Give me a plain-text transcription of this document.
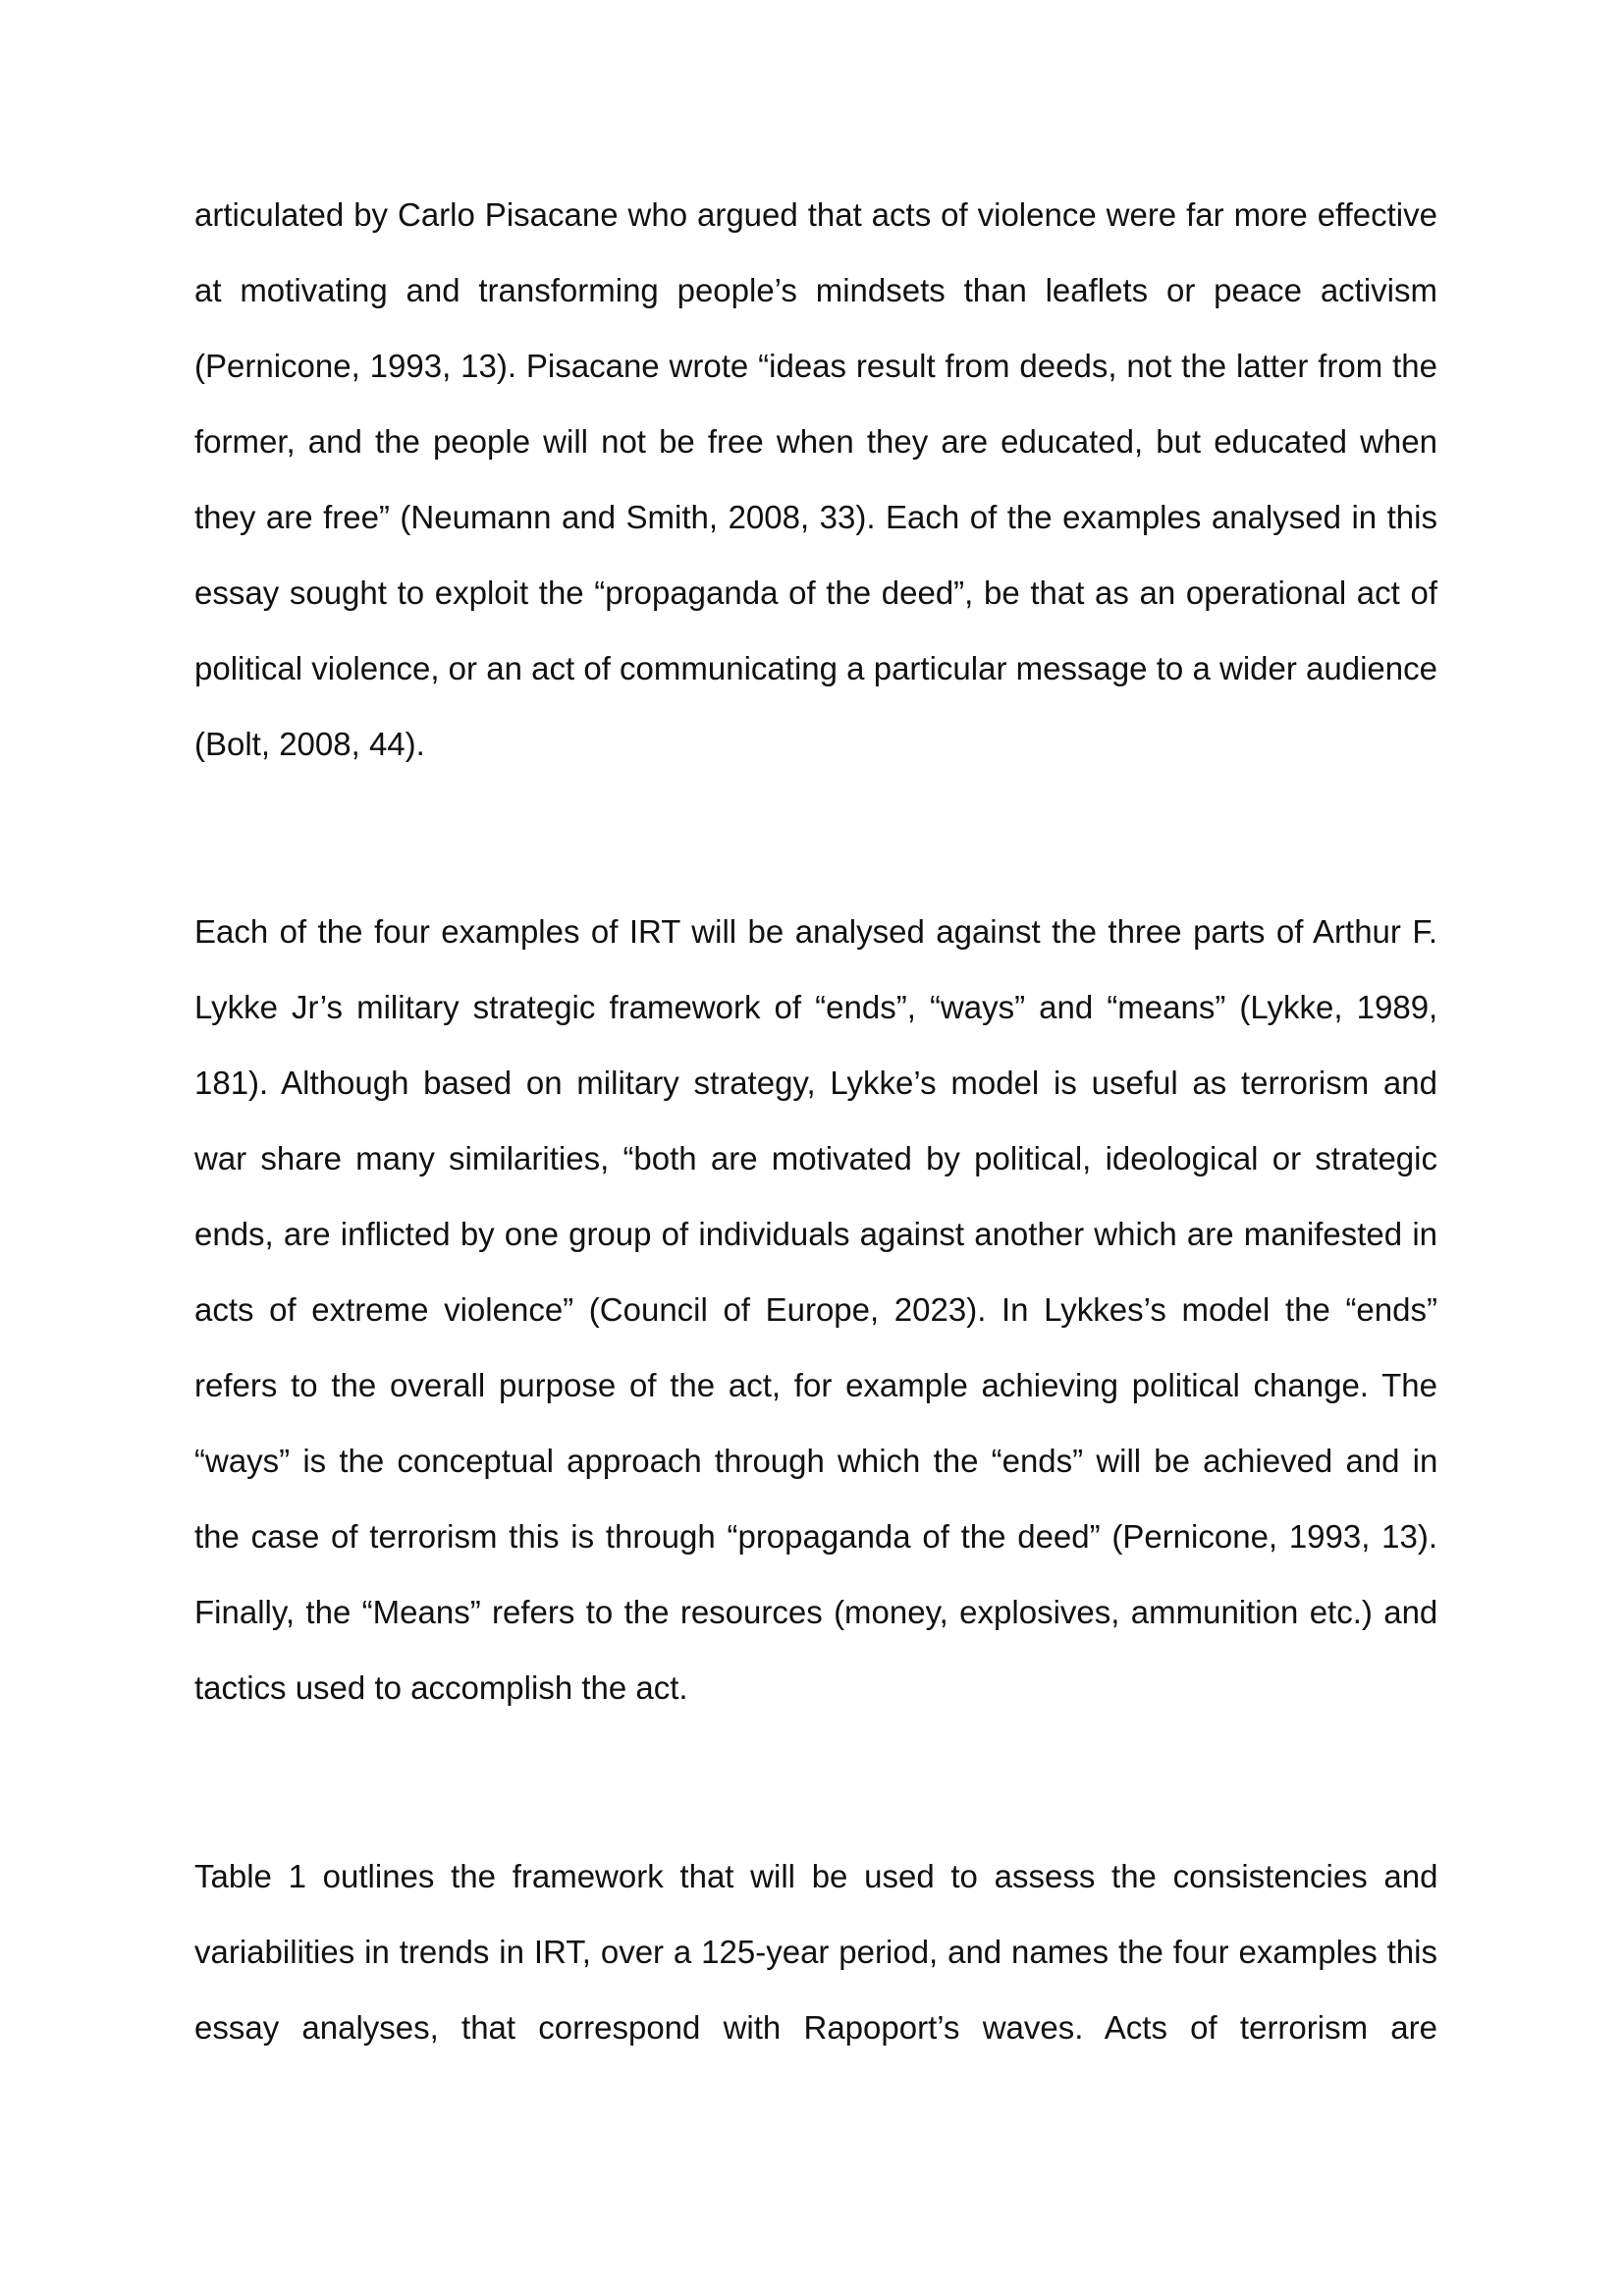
articulated by Carlo Pisacane who argued that acts of violence were far more effective
at motivating and transforming people’s mindsets than leaflets or peace activism
(Pernicone, 1993, 13). Pisacane wrote “ideas result from deeds, not the latter from the
former, and the people will not be free when they are educated, but educated when
they are free” (Neumann and Smith, 2008, 33). Each of the examples analysed in this
essay sought to exploit the “propaganda of the deed”, be that as an operational act of
political violence, or an act of communicating a particular message to a wider audience
(Bolt, 2008, 44).

Each of the four examples of IRT will be analysed against the three parts of Arthur F.
Lykke Jr’s military strategic framework of “ends”, “ways” and “means” (Lykke, 1989,
181). Although based on military strategy, Lykke’s model is useful as terrorism and
war share many similarities, “both are motivated by political, ideological or strategic
ends, are inflicted by one group of individuals against another which are manifested in
acts of extreme violence” (Council of Europe, 2023). In Lykkes’s model the “ends”
refers to the overall purpose of the act, for example achieving political change. The
“ways” is the conceptual approach through which the “ends” will be achieved and in
the case of terrorism this is through “propaganda of the deed” (Pernicone, 1993, 13).
Finally, the “Means” refers to the resources (money, explosives, ammunition etc.) and
tactics used to accomplish the act.

Table 1 outlines the framework that will be used to assess the consistencies and
variabilities in trends in IRT, over a 125-year period, and names the four examples this
essay analyses, that correspond with Rapoport’s waves. Acts of terrorism are
